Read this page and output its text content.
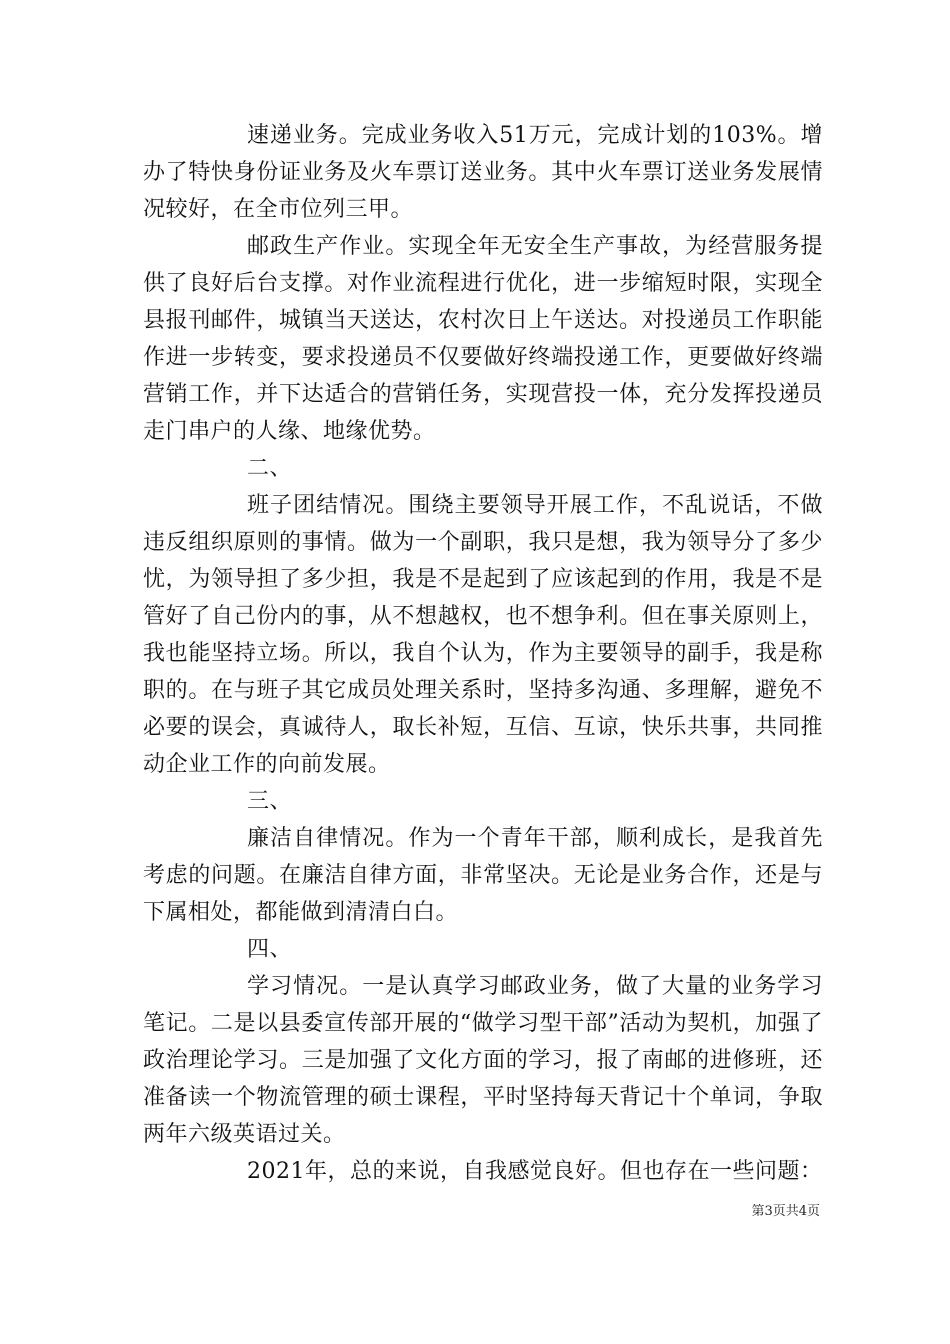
速递业务。完成业务收入51万元，完成计划的103%。增办了特快身份证业务及火车票订送业务。其中火车票订送业务发展情况较好，在全市位列三甲。

邮政生产作业。实现全年无安全生产事故，为经营服务提供了良好后台支撑。对作业流程进行优化，进一步缩短时限，实现全县报刊邮件，城镇当天送达，农村次日上午送达。对投递员工作职能作进一步转变，要求投递员不仅要做好终端投递工作，更要做好终端营销工作，并下达适合的营销任务，实现营投一体，充分发挥投递员走门串户的人缘、地缘优势。

二、

班子团结情况。围绕主要领导开展工作，不乱说话，不做违反组织原则的事情。做为一个副职，我只是想，我为领导分了多少忧，为领导担了多少担，我是不是起到了应该起到的作用，我是不是管好了自己份内的事，从不想越权，也不想争利。但在事关原则上，我也能坚持立场。所以，我自个认为，作为主要领导的副手，我是称职的。在与班子其它成员处理关系时，坚持多沟通、多理解，避免不必要的误会，真诚待人，取长补短，互信、互谅，快乐共事，共同推动企业工作的向前发展。

三、

廉洁自律情况。作为一个青年干部，顺利成长，是我首先考虑的问题。在廉洁自律方面，非常坚决。无论是业务合作，还是与下属相处，都能做到清清白白。

四、

学习情况。一是认真学习邮政业务，做了大量的业务学习笔记。二是以县委宣传部开展的“做学习型干部”活动为契机，加强了政治理论学习。三是加强了文化方面的学习，报了南邮的进修班，还准备读一个物流管理的硕士课程，平时坚持每天背记十个单词，争取两年六级英语过关。

2021年，总的来说，自我感觉良好。但也存在一些问题：

第3页共4页
